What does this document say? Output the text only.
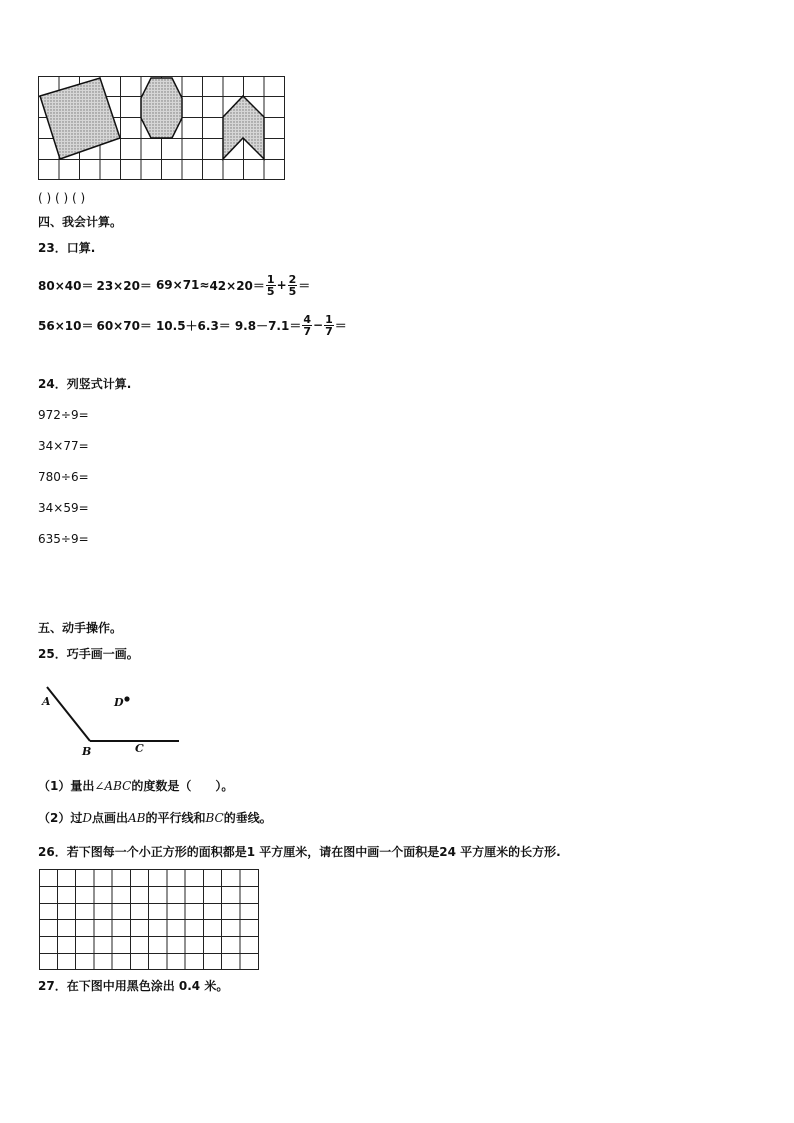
( ) ( ) ( )
四、我会计算。
23．口算.
$80\times 40= 23\times 20= 69\times 71\approx 42\times 20= \frac{1}{5} + \frac{2}{5}$ ＝
$56\times 10= 60\times 70= 10.5+6.3= 9.8-7.1= \frac{4}{7} - \frac{1}{7}$ ＝
24．列竖式计算.
972÷9=
34×77=
780÷6=
34×59=
635÷9=
五、动手操作。
25．巧手画一画。
A
B	C
D
（1）量出∠ABC的度数是（　　）。
（2）过D点画出AB的平行线和BC的垂线。
26．若下图每一个小正方形的面积都是1 平方厘米，请在图中画一个面积是24 平方厘米的长方形.
27．在下图中用黑色涂出 0.4 米。
